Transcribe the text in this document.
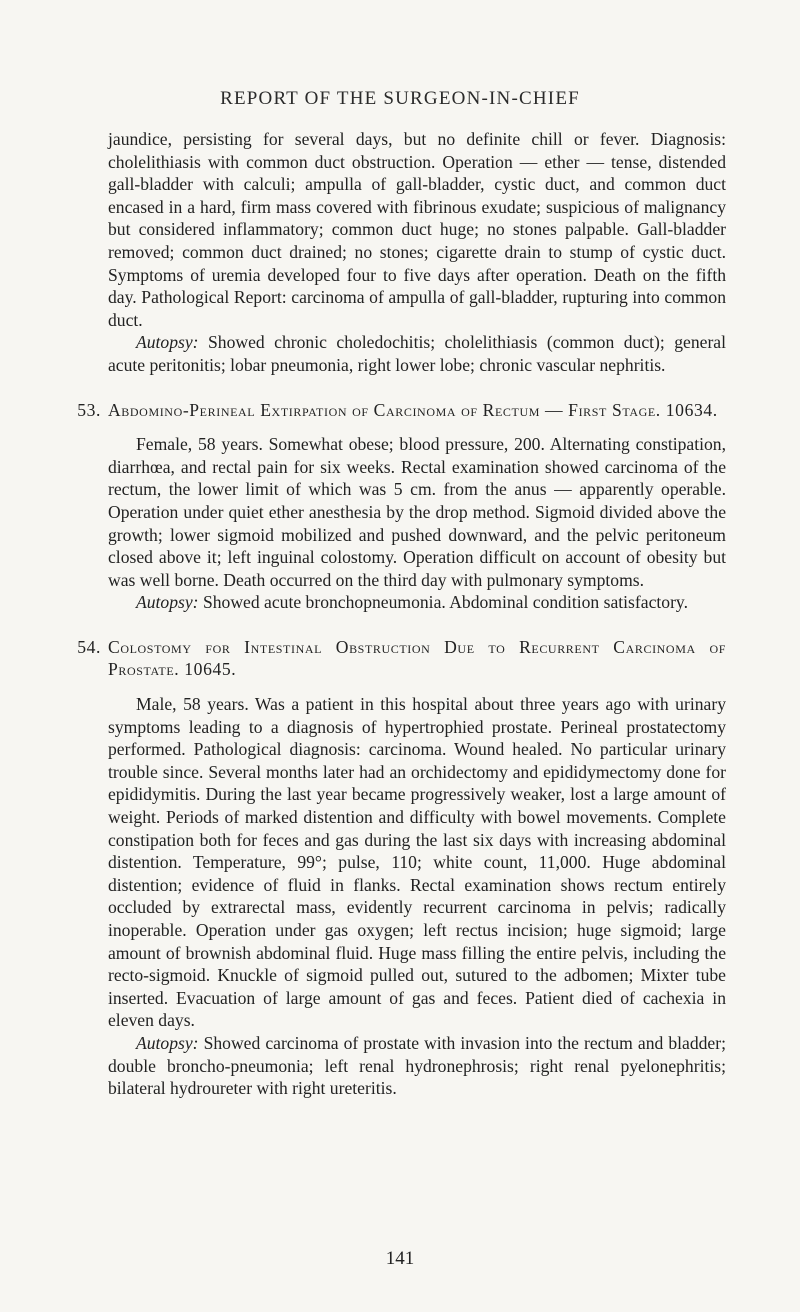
REPORT OF THE SURGEON-IN-CHIEF

jaundice, persisting for several days, but no definite chill or fever. Diagnosis: cholelithiasis with common duct obstruction. Operation — ether — tense, distended gall-bladder with calculi; ampulla of gall-bladder, cystic duct, and common duct encased in a hard, firm mass covered with fibrinous exudate; suspicious of malignancy but considered inflammatory; common duct huge; no stones palpable. Gall-bladder removed; common duct drained; no stones; cigarette drain to stump of cystic duct. Symptoms of uremia developed four to five days after operation. Death on the fifth day. Pathological Report: carcinoma of ampulla of gall-bladder, rupturing into common duct.

Autopsy: Showed chronic choledochitis; cholelithiasis (common duct); general acute peritonitis; lobar pneumonia, right lower lobe; chronic vascular nephritis.

53. Abdomino-Perineal Extirpation of Carcinoma of Rectum — First Stage. 10634.

Female, 58 years. Somewhat obese; blood pressure, 200. Alternating constipation, diarrhœa, and rectal pain for six weeks. Rectal examination showed carcinoma of the rectum, the lower limit of which was 5 cm. from the anus — apparently operable. Operation under quiet ether anesthesia by the drop method. Sigmoid divided above the growth; lower sigmoid mobilized and pushed downward, and the pelvic peritoneum closed above it; left inguinal colostomy. Operation difficult on account of obesity but was well borne. Death occurred on the third day with pulmonary symptoms.

Autopsy: Showed acute bronchopneumonia. Abdominal condition satisfactory.

54. Colostomy for Intestinal Obstruction Due to Recurrent Carcinoma of Prostate. 10645.

Male, 58 years. Was a patient in this hospital about three years ago with urinary symptoms leading to a diagnosis of hypertrophied prostate. Perineal prostatectomy performed. Pathological diagnosis: carcinoma. Wound healed. No particular urinary trouble since. Several months later had an orchidectomy and epididymectomy done for epididymitis. During the last year became progressively weaker, lost a large amount of weight. Periods of marked distention and difficulty with bowel movements. Complete constipation both for feces and gas during the last six days with increasing abdominal distention. Temperature, 99°; pulse, 110; white count, 11,000. Huge abdominal distention; evidence of fluid in flanks. Rectal examination shows rectum entirely occluded by extrarectal mass, evidently recurrent carcinoma in pelvis; radically inoperable. Operation under gas oxygen; left rectus incision; huge sigmoid; large amount of brownish abdominal fluid. Huge mass filling the entire pelvis, including the recto-sigmoid. Knuckle of sigmoid pulled out, sutured to the adbomen; Mixter tube inserted. Evacuation of large amount of gas and feces. Patient died of cachexia in eleven days.

Autopsy: Showed carcinoma of prostate with invasion into the rectum and bladder; double broncho-pneumonia; left renal hydronephrosis; right renal pyelonephritis; bilateral hydroureter with right ureteritis.

141
